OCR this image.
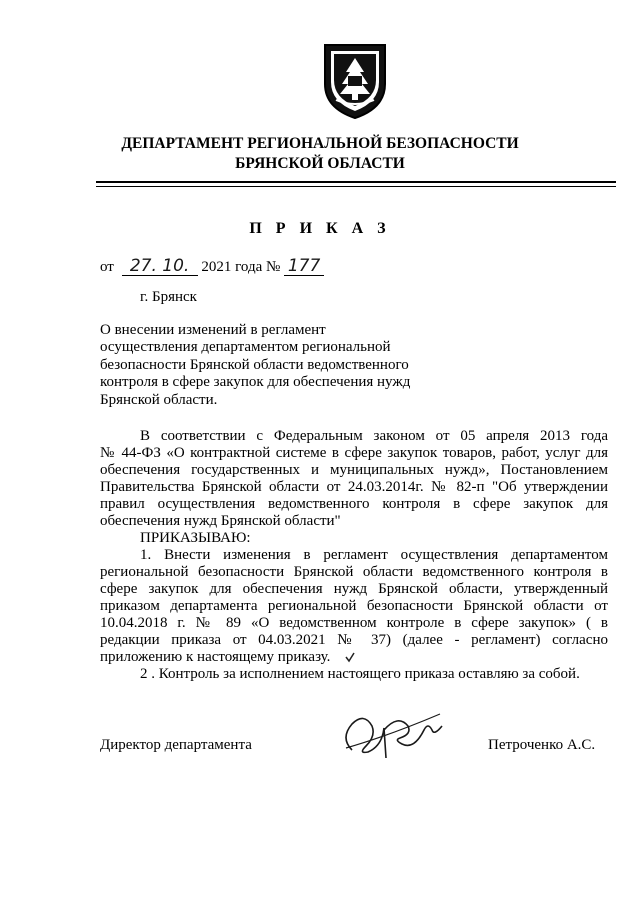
ДЕПАРТАМЕНТ РЕГИОНАЛЬНОЙ БЕЗОПАСНОСТИ
БРЯНСКОЙ ОБЛАСТИ
П Р И К А З
от 27. 10. 2021 года № 177
г. Брянск
О внесении изменений в регламент
осуществления департаментом региональной
безопасности Брянской области ведомственного
контроля в сфере закупок для обеспечения нужд
Брянской области.
В соответствии с Федеральным законом от 05 апреля 2013 года
№ 44-ФЗ «О контрактной системе в сфере закупок товаров, работ, услуг для
обеспечения государственных и муниципальных нужд», Постановлением
Правительства Брянской области от 24.03.2014г. № 82-п "Об утверждении
правил осуществления ведомственного контроля в сфере закупок для
обеспечения нужд Брянской области"
ПРИКАЗЫВАЮ:
1. Внести изменения в регламент осуществления департаментом
региональной безопасности Брянской области ведомственного контроля в
сфере закупок для обеспечения нужд Брянской области, утвержденный
приказом департамента региональной безопасности Брянской области от
10.04.2018 г. № 89 «О ведомственном контроле в сфере закупок» ( в
редакции приказа от 04.03.2021 № 37) (далее - регламент) согласно
приложению к настоящему приказу.
2 . Контроль за исполнением настоящего приказа оставляю за собой.
Директор департамента	Петроченко А.С.
